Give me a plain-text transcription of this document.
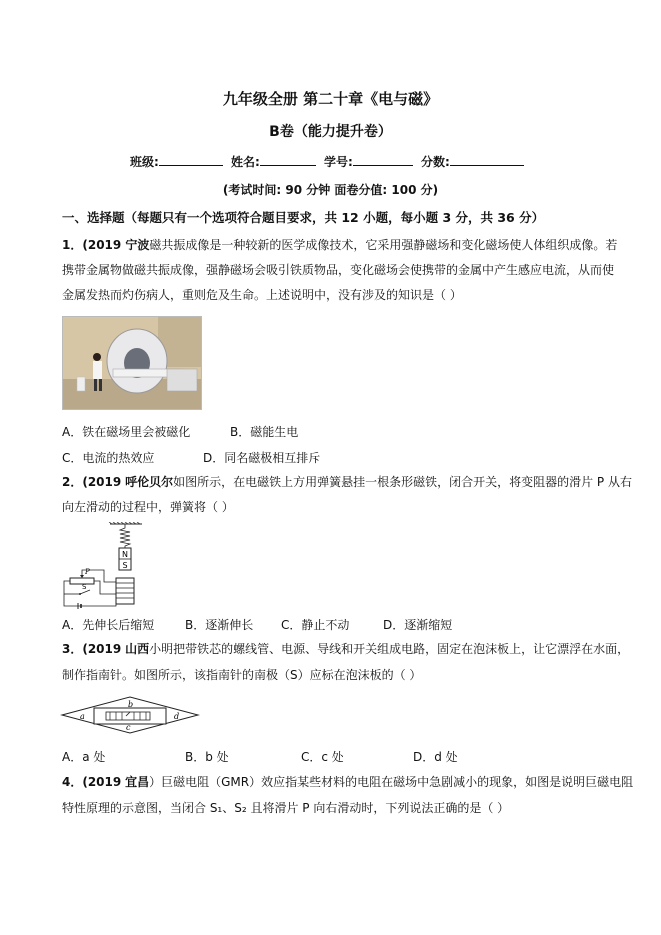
九年级全册 第二十章《电与磁》
B卷（能力提升卷）
班级:	姓名:	学号:	分数:
(考试时间: 90 分钟 面卷分值: 100 分)
一、选择题（每题只有一个选项符合题目要求，共 12 小题，每小题 3 分，共 36 分）
1．(2019 宁波磁共振成像是一种较新的医学成像技术，它采用强静磁场和变化磁场使人体组织成像。若
携带金属物做磁共振成像，强静磁场会吸引铁质物品，变化磁场会使携带的金属中产生感应电流，从而使
金属发热而灼伤病人，重则危及生命。上述说明中，没有涉及的知识是（ ）
A．铁在磁场里会被磁化	B．磁能生电
C．电流的热效应	D．同名磁极相互排斥
2．(2019 呼伦贝尔如图所示，在电磁铁上方用弹簧悬挂一根条形磁铁，闭合开关，将变阻器的滑片 P 从右
向左滑动的过程中，弹簧将（ ）
N
S
P
S
A．先伸长后缩短	B．逐渐伸长 C．静止不动	D．逐渐缩短
3．(2019 山西小明把带铁芯的螺线管、电源、导线和开关组成电路，固定在泡沫板上，让它漂浮在水面，
制作指南针。如图所示，该指南针的南极（S）应标在泡沫板的（ ）
a
b
c
d
A．a 处	B．b 处	C．c 处	D．d 处
4．(2019 宜昌）巨磁电阻（GMR）效应指某些材料的电阻在磁场中急剧减小的现象，如图是说明巨磁电阻
特性原理的示意图，当闭合 S₁、S₂ 且将滑片 P 向右滑动时，下列说法正确的是（ ）
